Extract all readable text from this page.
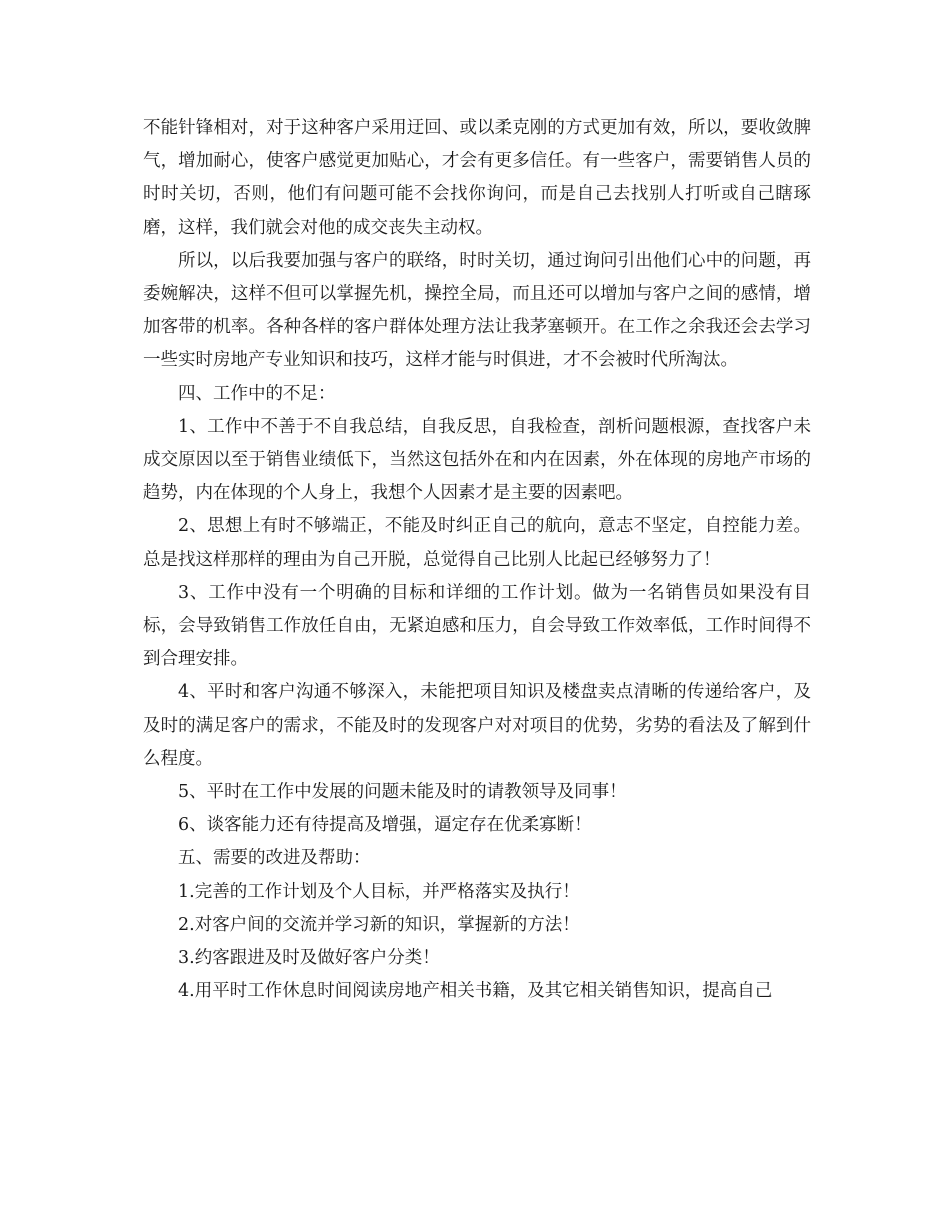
不能针锋相对，对于这种客户采用迂回、或以柔克刚的方式更加有效，所以，要收敛脾气，增加耐心，使客户感觉更加贴心，才会有更多信任。有一些客户，需要销售人员的时时关切，否则，他们有问题可能不会找你询问，而是自己去找别人打听或自己瞎琢磨，这样，我们就会对他的成交丧失主动权。

所以，以后我要加强与客户的联络，时时关切，通过询问引出他们心中的问题，再委婉解决，这样不但可以掌握先机，操控全局，而且还可以增加与客户之间的感情，增加客带的机率。各种各样的客户群体处理方法让我茅塞顿开。在工作之余我还会去学习一些实时房地产专业知识和技巧，这样才能与时俱进，才不会被时代所淘汰。

四、工作中的不足：

1、工作中不善于不自我总结，自我反思，自我检查，剖析问题根源，查找客户未成交原因以至于销售业绩低下，当然这包括外在和内在因素，外在体现的房地产市场的趋势，内在体现的个人身上，我想个人因素才是主要的因素吧。

2、思想上有时不够端正，不能及时纠正自己的航向，意志不坚定，自控能力差。总是找这样那样的理由为自己开脱，总觉得自己比别人比起已经够努力了！

3、工作中没有一个明确的目标和详细的工作计划。做为一名销售员如果没有目标，会导致销售工作放任自由，无紧迫感和压力，自会导致工作效率低，工作时间得不到合理安排。

4、平时和客户沟通不够深入，未能把项目知识及楼盘卖点清晰的传递给客户，及及时的满足客户的需求，不能及时的发现客户对对项目的优势，劣势的看法及了解到什么程度。

5、平时在工作中发展的问题未能及时的请教领导及同事！

6、谈客能力还有待提高及增强，逼定存在优柔寡断！

五、需要的改进及帮助：

1.完善的工作计划及个人目标，并严格落实及执行！

2.对客户间的交流并学习新的知识，掌握新的方法！

3.约客跟进及时及做好客户分类！

4.用平时工作休息时间阅读房地产相关书籍，及其它相关销售知识，提高自己
